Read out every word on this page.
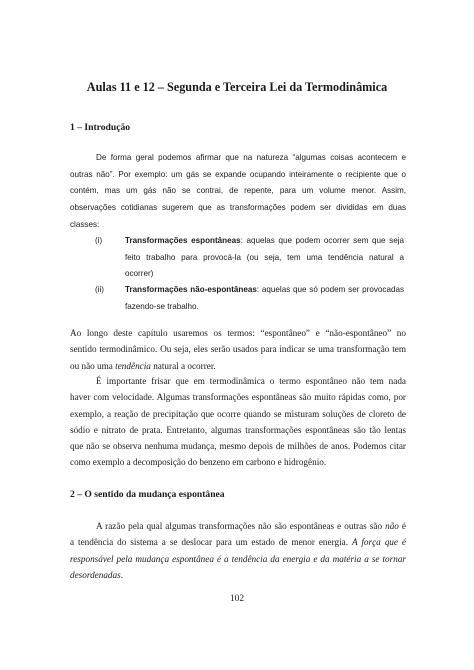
Aulas 11 e 12 – Segunda e Terceira Lei da Termodinâmica
1 – Introdução
De forma geral podemos afirmar que na natureza “algumas coisas acontecem e
outras não”. Por exemplo: um gás se expande ocupando inteiramente o recipiente que o
contém, mas um gás não se contrai, de repente, para um volume menor. Assim,
observações cotidianas sugerem que as transformações podem ser divididas em duas
classes:
(i)	Transformações espontâneas: aquelas que podem ocorrer sem que seja
feito trabalho para provocá-la (ou seja, tem uma tendência natural a
ocorrer)
(ii)	Transformações não-espontâneas: aquelas que só podem ser provocadas
fazendo-se trabalho.
Ao longo deste capítulo usaremos os termos: “espontâneo” e “não-espontâneo” no
sentido termodinâmico. Ou seja, eles serão usados para indicar se uma transformação tem
ou não uma tendência natural a ocorrer.
É importante frisar que em termodinâmica o termo espontâneo não tem nada
haver com velocidade. Algumas transformações espontâneas são muito rápidas como, por
exemplo, a reação de precipitação que ocorre quando se misturam soluções de cloreto de
sódio e nitrato de prata. Entretanto, algumas transformações espontâneas são tão lentas
que não se observa nenhuma mudança, mesmo depois de milhões de anos. Podemos citar
como exemplo a decomposição do benzeno em carbono e hidrogênio.
2 – O sentido da mudança espontânea
A razão pela qual algumas transformações não são espontâneas e outras são não é
a tendência do sistema a se deslocar para um estado de menor energia. A força que é
responsável pela mudança espontânea é a tendência da energia e da matéria a se tornar
desordenadas.
102
